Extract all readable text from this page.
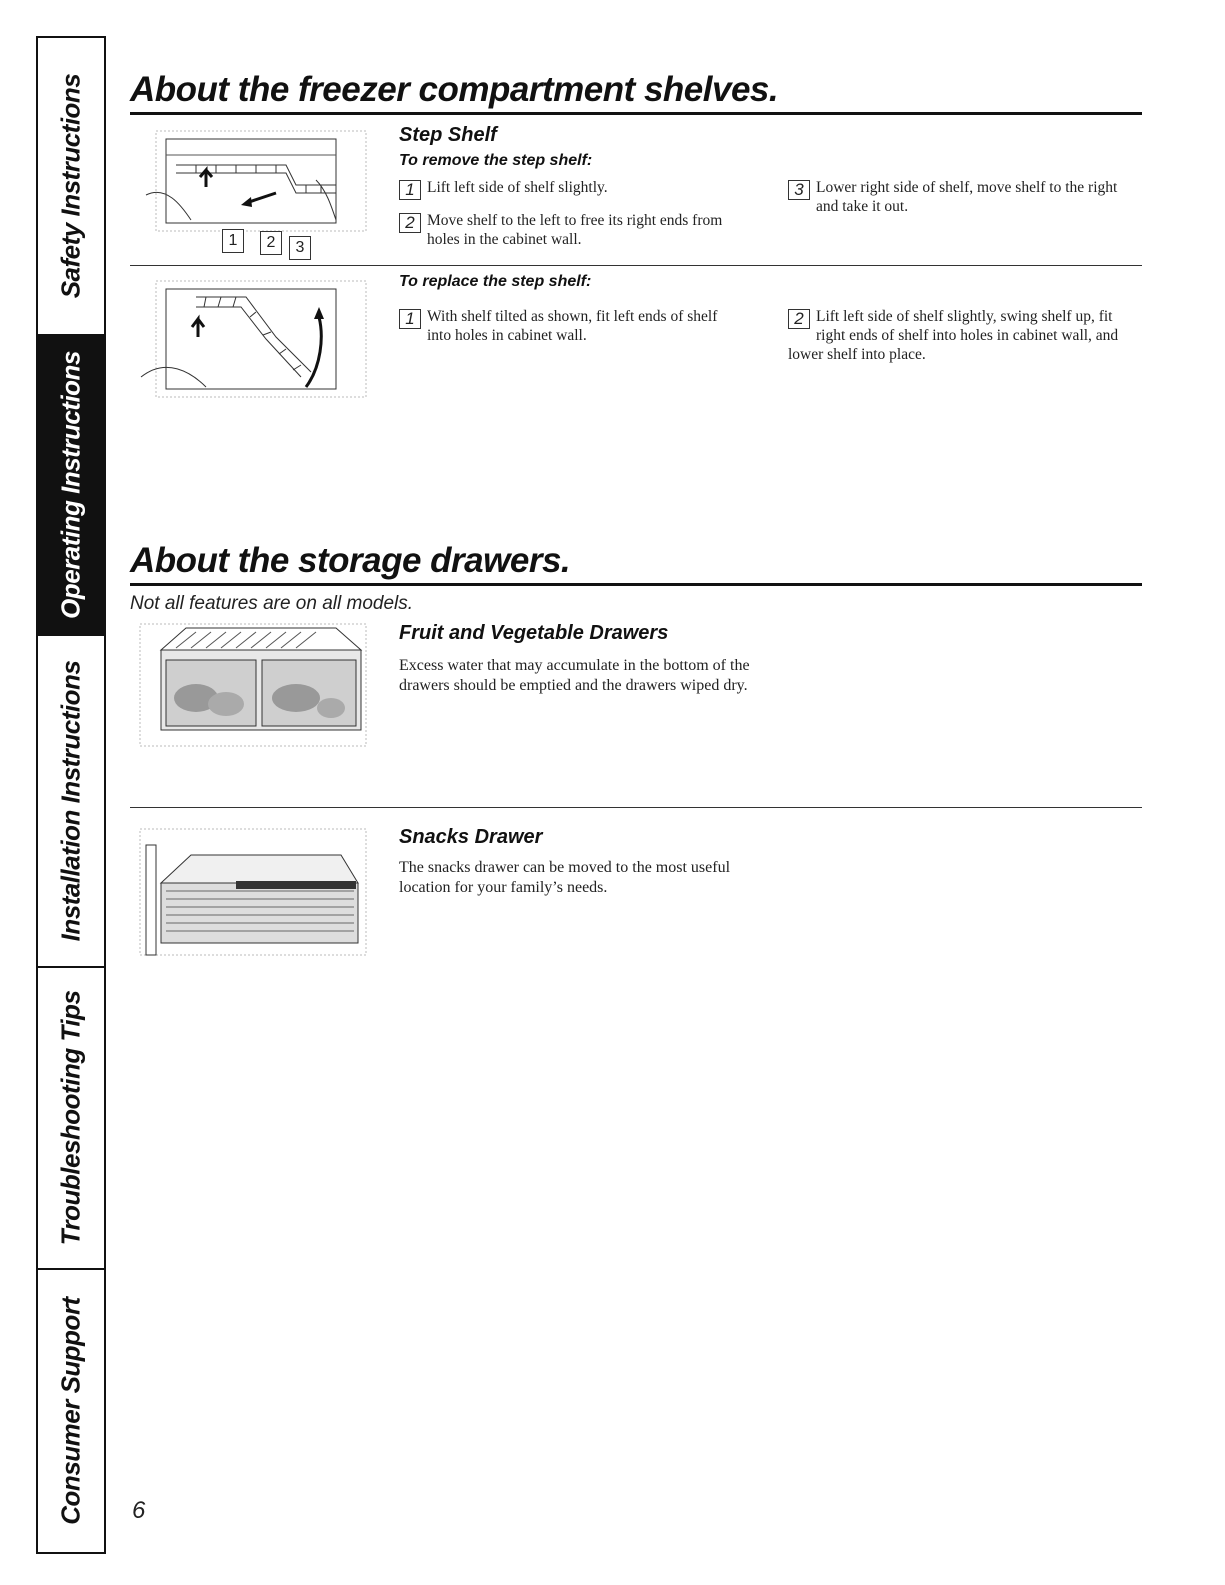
Safety Instructions
Operating Instructions
Installation Instructions
Troubleshooting Tips
Consumer Support
About the freezer compartment shelves.
1	2	3
Step Shelf
To remove the step shelf:
1 Lift left side of shelf slightly.
2 Move shelf to the left to free its right ends from holes in the cabinet wall.
3 Lower right side of shelf, move shelf to the right and take it out.
To replace the step shelf:
1 With shelf tilted as shown, fit left ends of shelf into holes in cabinet wall.
2 Lift left side of shelf slightly, swing shelf up, fit right ends of shelf into holes in cabinet wall, and lower shelf into place.
About the storage drawers.
Not all features are on all models.
Fruit and Vegetable Drawers
Excess water that may accumulate in the bottom of the drawers should be emptied and the drawers wiped dry.
Snacks Drawer
The snacks drawer can be moved to the most useful location for your family’s needs.
6
